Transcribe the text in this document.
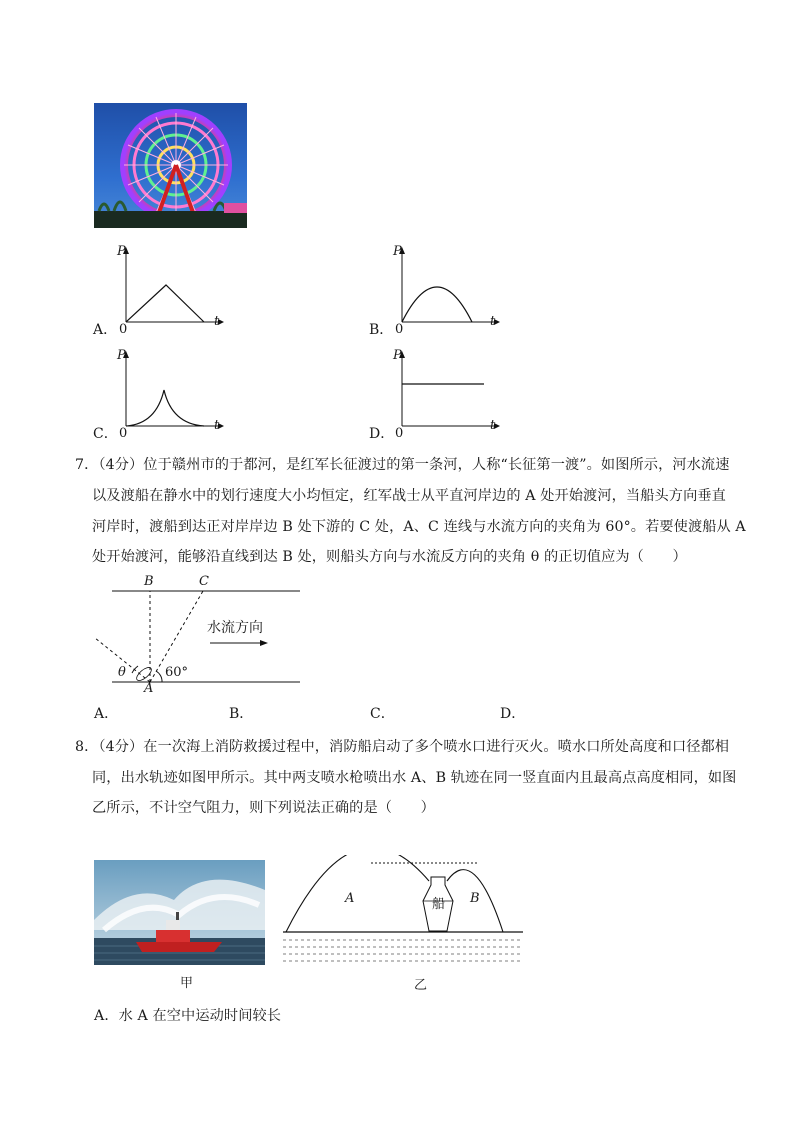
A．
P
t
0	B．
P
t
0
C．
P
t
0	D．
P
t
0
7．（4分）位于赣州市的于都河，是红军长征渡过的第一条河，人称“长征第一渡”。如图所示，河水流速
以及渡船在静水中的划行速度大小均恒定，红军战士从平直河岸边的 A 处开始渡河，当船头方向垂直
河岸时，渡船到达正对岸岸边 B 处下游的 C 处，A、C 连线与水流方向的夹角为 60°。若要使渡船从 A
处开始渡河，能够沿直线到达 B 处，则船头方向与水流反方向的夹角 θ 的正切值应为（　　）
B	C
A
θ	60°
水流方向
A．	B．	C．	D．
8．（4分）在一次海上消防救援过程中，消防船启动了多个喷水口进行灭火。喷水口所处高度和口径都相
同，出水轨迹如图甲所示。其中两支喷水枪喷出水 A、B 轨迹在同一竖直面内且最高点高度相同，如图
乙所示，不计空气阻力，则下列说法正确的是（　　）
甲
A	B
船
乙
A．水 A 在空中运动时间较长
